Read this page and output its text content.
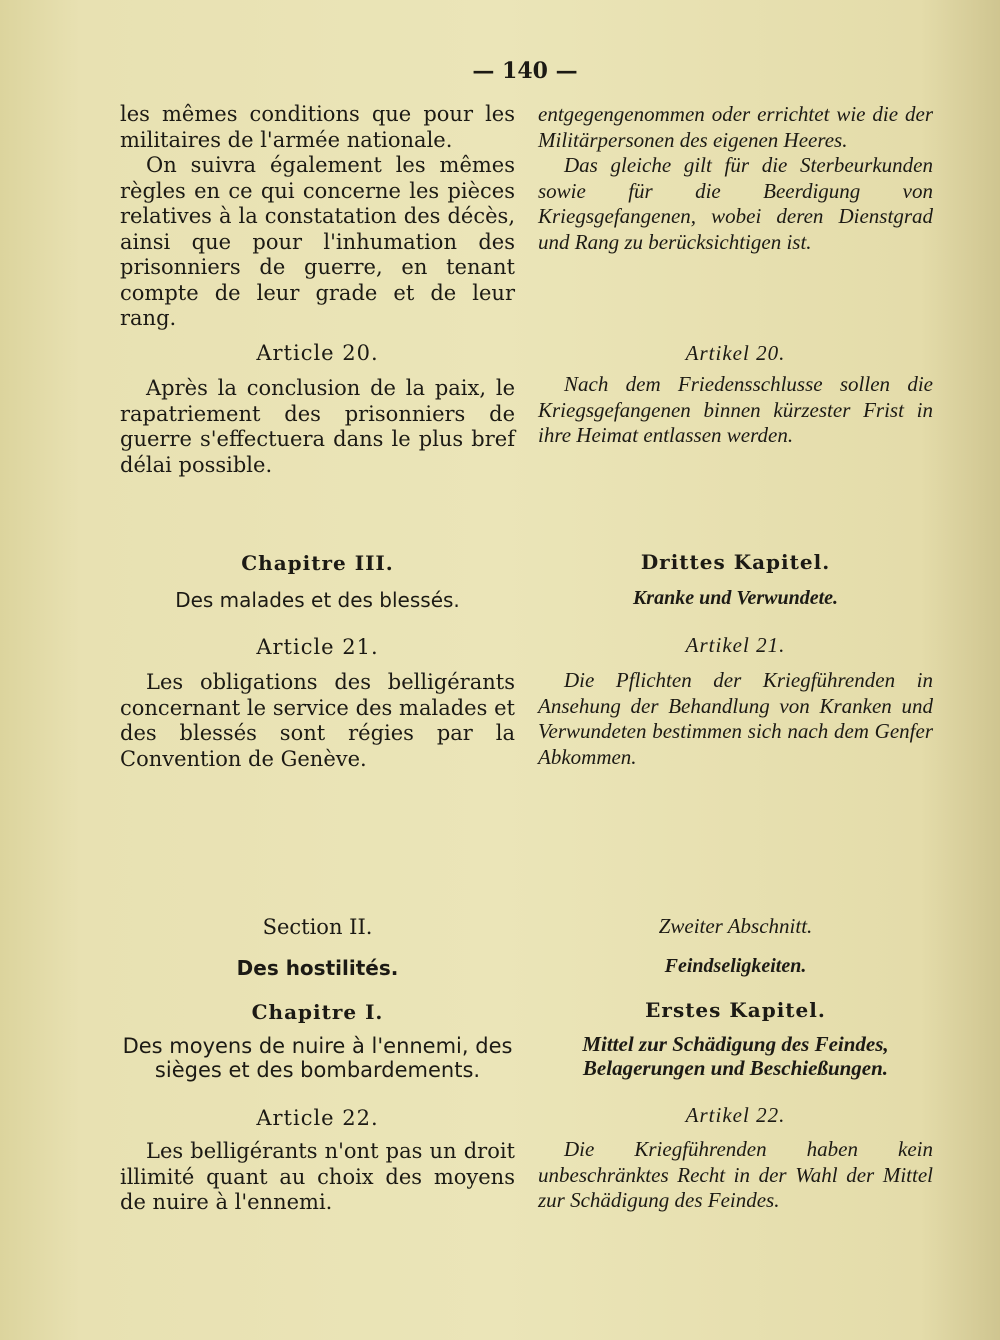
— 140 —

les mêmes conditions que pour les militaires de l'armée nationale.

On suivra également les mêmes règles en ce qui concerne les pièces relatives à la constatation des décès, ainsi que pour l'inhumation des prisonniers de guerre, en tenant compte de leur grade et de leur rang.

Article 20.

Après la conclusion de la paix, le rapatriement des prisonniers de guerre s'effectuera dans le plus bref délai possible.

Chapitre III.
Des malades et des blessés.
Article 21.

Les obligations des belligérants concernant le service des malades et des blessés sont régies par la Convention de Genève.

Section II.
Des hostilités.
Chapitre I.
Des moyens de nuire à l'ennemi, des sièges et des bombardements.
Article 22.

Les belligérants n'ont pas un droit illimité quant au choix des moyens de nuire à l'ennemi.

entgegengenommen oder errichtet wie die der Militärpersonen des eigenen Heeres.

Das gleiche gilt für die Sterbeurkunden sowie für die Beerdigung von Kriegsgefangenen, wobei deren Dienstgrad und Rang zu berücksichtigen ist.

Artikel 20.

Nach dem Friedensschlusse sollen die Kriegsgefangenen binnen kürzester Frist in ihre Heimat entlassen werden.

Drittes Kapitel.
Kranke und Verwundete.
Artikel 21.

Die Pflichten der Kriegführenden in Ansehung der Behandlung von Kranken und Verwundeten bestimmen sich nach dem Genfer Abkommen.

Zweiter Abschnitt.
Feindseligkeiten.
Erstes Kapitel.
Mittel zur Schädigung des Feindes, Belagerungen und Beschießungen.
Artikel 22.

Die Kriegführenden haben kein unbeschränktes Recht in der Wahl der Mittel zur Schädigung des Feindes.
